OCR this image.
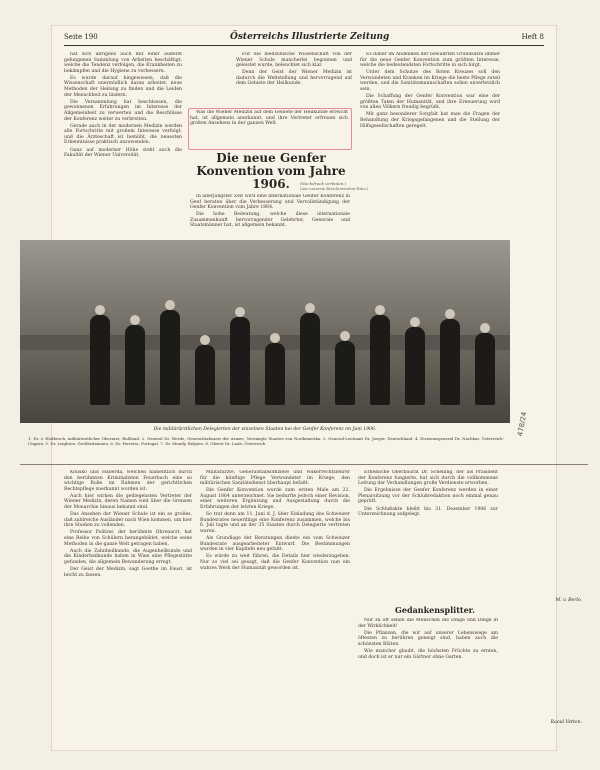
Seite 190	Österreichs Illustrierte Zeitung	Heft 8

hat sich übrigens auch mit einer äußerst gelungenen Sammlung von Arbeiten beschäftigt, welche die Tendenz verfolgen, die Krankheiten zu bekämpfen und die Hygiene zu verbessern.

Es wurde darauf hingewiesen, daß die Wissenschaft unermüdlich daran arbeitet, neue Methoden der Heilung zu finden und die Leiden der Menschheit zu lindern.

Die Versammlung hat beschlossen, die gewonnenen Erfahrungen im Interesse der Allgemeinheit zu verwerten und die Beschlüsse der Konferenz weiter zu verbreiten.

Gerade auch in der modernen Medizin werden alle Fortschritte mit großem Interesse verfolgt, und die Ärzteschaft ist bemüht, die neuesten Erkenntnisse praktisch anzuwenden.

Ganz auf moderner Höhe steht auch die Fakultät der Wiener Universität.

Für die medizinische Wissenschaft von der Wiener Schule mancherlei begonnen und geleistet wurde, beleuchtet sich klar.

Denn der Geist der Wiener Medizin ist dadurch die Weltstellung und hervorragend auf dem Gebiete der Heilkunde.

Was die Wiener Medizin auf dem Gebiete der Heilkunde erreicht hat, ist allgemein anerkannt, und ihre Vertreter erfreuen sich großen Ansehens in der ganzen Welt.

Die neue Genfer Konvention vom Jahre 1906.	(Nachdruck verboten.)
(Aus unserem Berichterstatter-Büro.)

In allerjüngster Zeit wird eine internationale Genfer Konferenz in Genf beraten über die Verbesserung und Vervollständigung der Genfer Konvention vom Jahre 1864.

Die hohe Bedeutung, welche diese internationale Zusammenkunft hervorragender Gelehrter, Generale und Staatsmänner hat, ist allgemein bekannt.

Es daher im Andenken der bewährten Grundsätze immer für die neue Genfer Konvention zum größten Interesse, welche die bedeutendsten Fortschritte in sich birgt.

Unter dem Schutze des Roten Kreuzes soll den Verwundeten und Kranken im Kriege die beste Pflege zuteil werden, und die Sanitätsmannschaften sollen unverletzlich sein.

Die Schaffung der Genfer Konvention war eine der größten Taten der Humanität, und ihre Erneuerung wird von allen Völkern freudig begrüßt.

Mit ganz besonderer Sorgfalt hat man die Fragen der Behandlung der Kriegsgefangenen und die Stellung der Hilfsgesellschaften geregelt.

Die militärärztlichen Delegierten der einzelnen Staaten bei der Genfer Konferenz im Juni 1906.
1. Dr. v. Hodbesch, militärärztlicher Oberarzt, Rußland. 2. General Dr. Werde, Generalstabsarzt der Armee, Vereinigte Staaten von Nordamerika. 3. General-Leutnant Dr. Jaeger, Deutschland. 4. Divisionsgeneral Dr. Nachbar, Österreich-Ungarn. 5. Dr. Leighton, Großbritannien. 6. Dr. Ferreira, Portugal. 7. Dr. Mundy, Belgien. 8. Oberst Dr. Laub, Österreich.

Kolisko und Haberda, welchen namentlich durch den berühmten Kriminalisten Feuerbach eine so wichtige Rolle im Rahmen der gerichtlichen Rechtspflege zuerkannt worden ist.

Auch hier wirken die gediegensten Vertreter der Wiener Medizin, deren Namen weit über die Grenzen der Monarchie hinaus bekannt sind.

Das Ansehen der Wiener Schule ist ein so großes, daß zahlreiche Ausländer nach Wien kommen, um hier ihre Studien zu vollenden.

Professor Politzer, der berühmte Ohrenarzt, hat eine Reihe von Schülern herangebildet, welche seine Methoden in die ganze Welt getragen haben.

Auch die Zahnheilkunde, die Augenheilkunde und die Kinderheilkunde haben in Wien eine Pflegestätte gefunden, die allgemein Bewunderung erregt.

Der Geist der Medizin, sagt Goethe im Faust, ist leicht zu fassen.

Militärärzte, Generalstabsoffiziere und Völkerrechtslehrer für die künftige Pflege Verwundeter im Kriege, den militärischen Sanitätsdienst überhaupt befaßt.

Die Genfer Konvention wurde zum ersten Male am 22. August 1864 unterzeichnet. Sie bedurfte jedoch einer Revision, einer weiteren Ergänzung und Ausgestaltung durch die Erfahrungen der letzten Kriege.

So trat denn am 11. Juni d. J. über Einladung des Schweizer Bundesrates neuerdings eine Konferenz zusammen, welche bis 6. Juli tagte und an der 35 Staaten durch Delegierte vertreten waren.

Als Grundlage der Beratungen diente ein vom Schweizer Bundesrate ausgearbeiteter Entwurf. Die Bestimmungen wurden in vier Kapiteln neu gefaßt.

Es würde zu weit führen, die Details hier wiederzugeben. Nur so viel sei gesagt, daß die Genfer Konvention nun ein wahres Werk der Humanität geworden ist.

Erhebliche Oberbaurat Dr. Schelling, der als Präsident der Konferenz fungierte, hat sich durch die vollkommene Leitung der Verhandlungen große Verdienste erworben.

Die Ergebnisse der Genfer Konferenz werden in einer Plenarsitzung vor der Schlußredaktion noch einmal genau geprüft.

Die Schlußakte bleibt bis 31. Dezember 1906 zur Unterzeichnung aufgelegt.

M. v. Berlo.
Gedankensplitter.

Nur zu oft sehen die Menschen die Dinge und Dinge in der Wirklichkeit!

Die Pflanzen, die wir auf unserer Lebenswege am öftesten zu berühren geneigt sind, haben auch die schönsten Blüten.

Wie mancher glaubt, die höchsten Früchte zu ernten, und doch ist er nur ein Gärtner ohne Garten.

Raoul Vetton.
478/24
